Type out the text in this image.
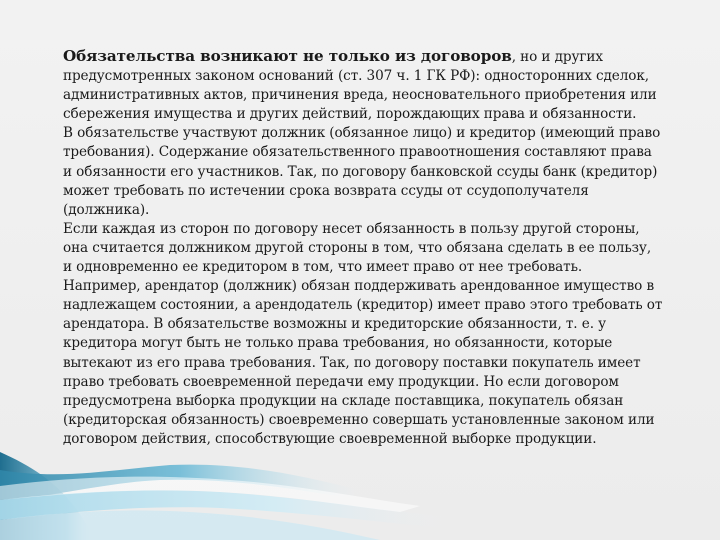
Обязательства возникают не только из договоров, но и других предусмотренных законом оснований (ст. 307 ч. 1 ГК РФ): односторонних сделок, административных актов, причинения вреда, неосновательного приобретения или сбережения имущества и других действий, порождающих права и обязанности.

В обязательстве участвуют должник (обязанное лицо) и кредитор (имеющий право требования). Содержание обязательственного правоотношения составляют права и обязанности его участников. Так, по договору банковской ссуды банк (кредитор) может требовать по истечении срока возврата ссуды от ссудополучателя (должника).

Если каждая из сторон по договору несет обязанность в пользу другой стороны, она считается должником другой стороны в том, что обязана сделать в ее пользу, и одновременно ее кредитором в том, что имеет право от нее требовать. Например, арендатор (должник) обязан поддерживать арендованное имущество в надлежащем состоянии, а арендодатель (кредитор) имеет право этого требовать от арендатора. В обязательстве возможны и кредиторские обязанности, т. е. у кредитора могут быть не только права требования, но обязанности, которые вытекают из его права требования. Так, по договору поставки покупатель имеет право требовать своевременной передачи ему продукции. Но если договором предусмотрена выборка продукции на складе поставщика, покупатель обязан (кредиторская обязанность) своевременно совершать установленные законом или договором действия, способствующие своевременной выборке продукции.
